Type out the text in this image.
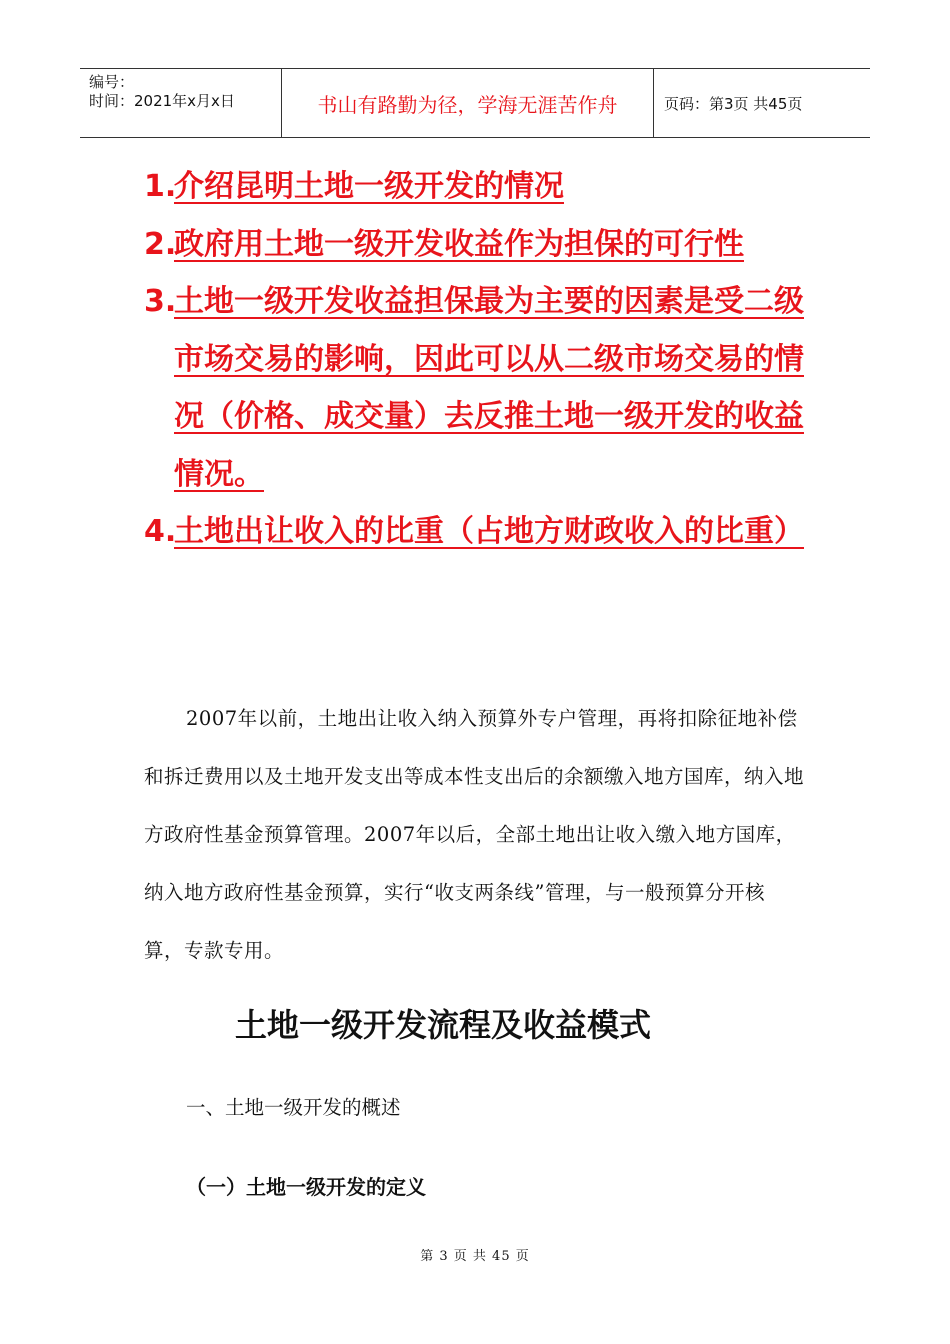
编号：
时间：2021年x月x日	书山有路勤为径，学海无涯苦作舟	页码：第3页 共45页
1.
介绍昆明土地一级开发的情况
2.
政府用土地一级开发收益作为担保的可行性
3.
土地一级开发收益担保最为主要的因素是受二级市场交易的影响，因此可以从二级市场交易的情况（价格、成交量）去反推土地一级开发的收益情况。
4.
土地出让收入的比重（占地方财政收入的比重）

2007年以前，土地出让收入纳入预算外专户管理，再将扣除征地补偿和拆迁费用以及土地开发支出等成本性支出后的余额缴入地方国库，纳入地方政府性基金预算管理。2007年以后，全部土地出让收入缴入地方国库，纳入地方政府性基金预算，实行“收支两条线”管理，与一般预算分开核算，专款专用。

土地一级开发流程及收益模式
一、土地一级开发的概述
（一）土地一级开发的定义
第 3 页 共 45 页
